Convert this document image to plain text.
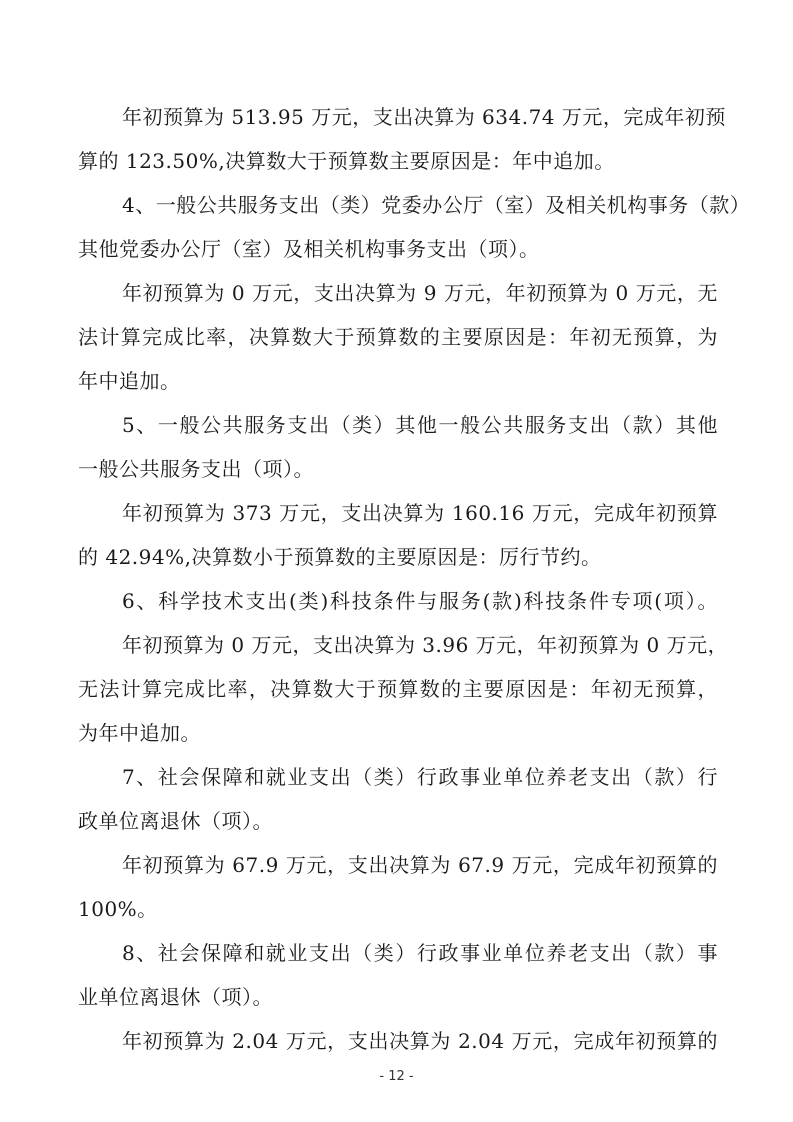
年初预算为 513.95 万元，支出决算为 634.74 万元，完成年初预
算的 123.50%,决算数大于预算数主要原因是：年中追加。
4、一般公共服务支出（类）党委办公厅（室）及相关机构事务（款）
其他党委办公厅（室）及相关机构事务支出（项）。
年初预算为 0 万元，支出决算为 9 万元，年初预算为 0 万元，无
法计算完成比率，决算数大于预算数的主要原因是：年初无预算，为
年中追加。
5、一般公共服务支出（类）其他一般公共服务支出（款）其他
一般公共服务支出（项）。
年初预算为 373 万元，支出决算为 160.16 万元，完成年初预算
的 42.94%,决算数小于预算数的主要原因是：厉行节约。
6、科学技术支出(类)科技条件与服务(款)科技条件专项(项）。
年初预算为 0 万元，支出决算为 3.96 万元，年初预算为 0 万元，
无法计算完成比率，决算数大于预算数的主要原因是：年初无预算，
为年中追加。
7、社会保障和就业支出（类）行政事业单位养老支出（款）行
政单位离退休（项）。
年初预算为 67.9 万元，支出决算为 67.9 万元，完成年初预算的
100%。
8、社会保障和就业支出（类）行政事业单位养老支出（款）事
业单位离退休（项）。
年初预算为 2.04 万元，支出决算为 2.04 万元，完成年初预算的
- 12 -
